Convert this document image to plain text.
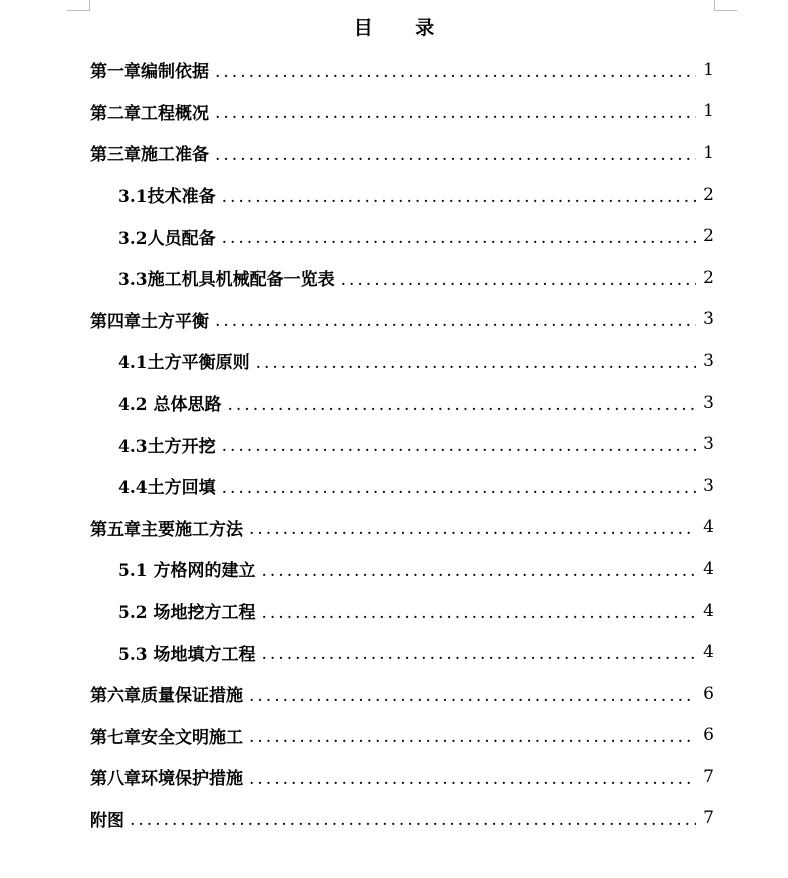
目 录
第一章编制依据 .....	1
第二章工程概况 .....	1
第三章施工准备 .....	1
3.1技术准备 .....	2
3.2人员配备 .....	2
3.3施工机具机械配备一览表 .....	2
第四章土方平衡 .....	3
4.1土方平衡原则 .....	3
4.2 总体思路 .....	3
4.3土方开挖 .....	3
4.4土方回填 .....	3
第五章主要施工方法 .....	4
5.1 方格网的建立 .....	4
5.2 场地挖方工程 .....	4
5.3 场地填方工程 .....	4
第六章质量保证措施 .....	6
第七章安全文明施工 .....	6
第八章环境保护措施 .....	7
附图 .....	7
